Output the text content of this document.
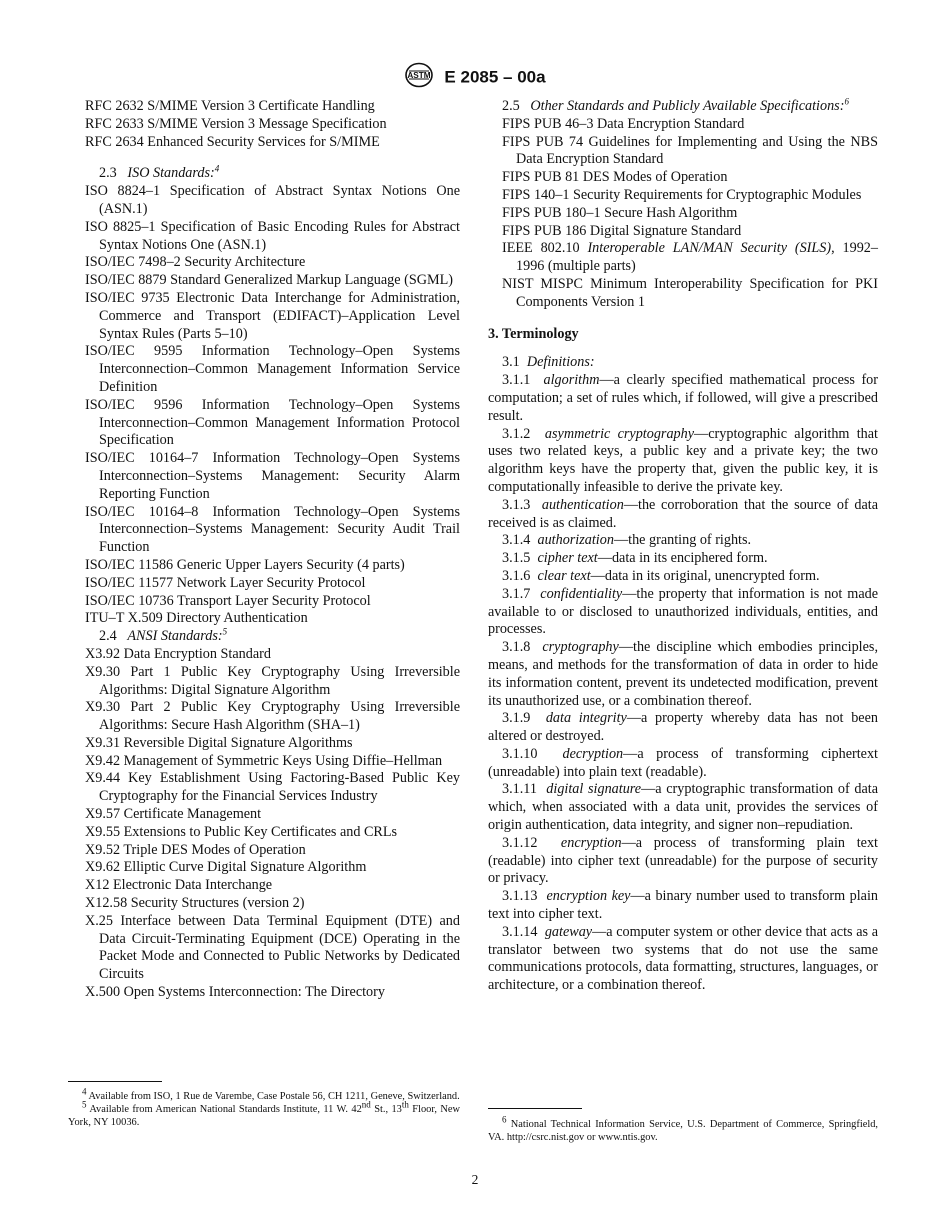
ASTM E 2085 – 00a

RFC 2632 S/MIME Version 3 Certificate Handling

RFC 2633 S/MIME Version 3 Message Specification

RFC 2634 Enhanced Security Services for S/MIME

2.3 ISO Standards:$^4$

ISO 8824–1 Specification of Abstract Syntax Notions One (ASN.1)

ISO 8825–1 Specification of Basic Encoding Rules for Abstract Syntax Notions One (ASN.1)

ISO/IEC 7498–2 Security Architecture

ISO/IEC 8879 Standard Generalized Markup Language (SGML)

ISO/IEC 9735 Electronic Data Interchange for Administration, Commerce and Transport (EDIFACT)–Application Level Syntax Rules (Parts 5–10)

ISO/IEC 9595 Information Technology–Open Systems Interconnection–Common Management Information Service Definition

ISO/IEC 9596 Information Technology–Open Systems Interconnection–Common Management Information Protocol Specification

ISO/IEC 10164–7 Information Technology–Open Systems Interconnection–Systems Management: Security Alarm Reporting Function

ISO/IEC 10164–8 Information Technology–Open Systems Interconnection–Systems Management: Security Audit Trail Function

ISO/IEC 11586 Generic Upper Layers Security (4 parts)

ISO/IEC 11577 Network Layer Security Protocol

ISO/IEC 10736 Transport Layer Security Protocol

ITU–T X.509 Directory Authentication

2.4 ANSI Standards:$^5$

X3.92 Data Encryption Standard

X9.30 Part 1 Public Key Cryptography Using Irreversible Algorithms: Digital Signature Algorithm

X9.30 Part 2 Public Key Cryptography Using Irreversible Algorithms: Secure Hash Algorithm (SHA–1)

X9.31 Reversible Digital Signature Algorithms

X9.42 Management of Symmetric Keys Using Diffie–Hellman

X9.44 Key Establishment Using Factoring-Based Public Key Cryptography for the Financial Services Industry

X9.57 Certificate Management

X9.55 Extensions to Public Key Certificates and CRLs

X9.52 Triple DES Modes of Operation

X9.62 Elliptic Curve Digital Signature Algorithm

X12 Electronic Data Interchange

X12.58 Security Structures (version 2)

X.25 Interface between Data Terminal Equipment (DTE) and Data Circuit-Terminating Equipment (DCE) Operating in the Packet Mode and Connected to Public Networks by Dedicated Circuits

X.500 Open Systems Interconnection: The Directory

2.5 Other Standards and Publicly Available Specifications:$^6$

FIPS PUB 46–3 Data Encryption Standard

FIPS PUB 74 Guidelines for Implementing and Using the NBS Data Encryption Standard

FIPS PUB 81 DES Modes of Operation

FIPS 140–1 Security Requirements for Cryptographic Modules

FIPS PUB 180–1 Secure Hash Algorithm

FIPS PUB 186 Digital Signature Standard

IEEE 802.10 Interoperable LAN/MAN Security (SILS), 1992–1996 (multiple parts)

NIST MISPC Minimum Interoperability Specification for PKI Components Version 1

3. Terminology

3.1 Definitions:

3.1.1 algorithm—a clearly specified mathematical process for computation; a set of rules which, if followed, will give a prescribed result.

3.1.2 asymmetric cryptography—cryptographic algorithm that uses two related keys, a public key and a private key; the two algorithm keys have the property that, given the public key, it is computationally infeasible to derive the private key.

3.1.3 authentication—the corroboration that the source of data received is as claimed.

3.1.4 authorization—the granting of rights.

3.1.5 cipher text—data in its enciphered form.

3.1.6 clear text—data in its original, unencrypted form.

3.1.7 confidentiality—the property that information is not made available to or disclosed to unauthorized individuals, entities, and processes.

3.1.8 cryptography—the discipline which embodies principles, means, and methods for the transformation of data in order to hide its information content, prevent its undetected modification, prevent its unauthorized use, or a combination thereof.

3.1.9 data integrity—a property whereby data has not been altered or destroyed.

3.1.10 decryption—a process of transforming ciphertext (unreadable) into plain text (readable).

3.1.11 digital signature—a cryptographic transformation of data which, when associated with a data unit, provides the services of origin authentication, data integrity, and signer non–repudiation.

3.1.12 encryption—a process of transforming plain text (readable) into cipher text (unreadable) for the purpose of security or privacy.

3.1.13 encryption key—a binary number used to transform plain text into cipher text.

3.1.14 gateway—a computer system or other device that acts as a translator between two systems that do not use the same communications protocols, data formatting, structures, languages, or architecture, or a combination thereof.

$^4$ Available from ISO, 1 Rue de Varembe, Case Postale 56, CH 1211, Geneve, Switzerland.

$^5$ Available from American National Standards Institute, 11 W. 42nd St., 13th Floor, New York, NY 10036.	$^6$ National Technical Information Service, U.S. Department of Commerce, Springfield, VA. http://csrc.nist.gov or www.ntis.gov.

2
